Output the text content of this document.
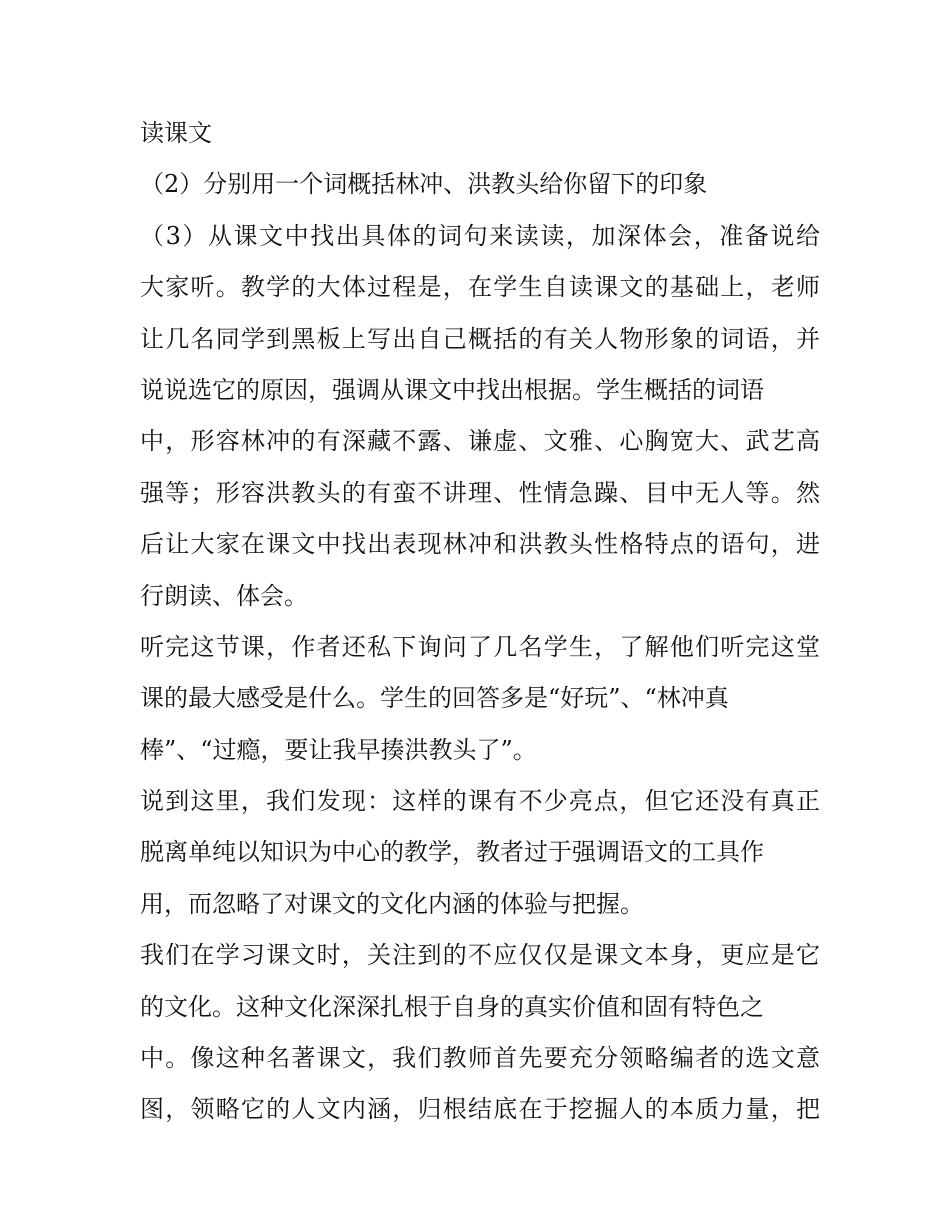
读课文
（2）分别用一个词概括林冲、洪教头给你留下的印象
（3）从课文中找出具体的词句来读读，加深体会，准备说给
大家听。教学的大体过程是，在学生自读课文的基础上，老师
让几名同学到黑板上写出自己概括的有关人物形象的词语，并
说说选它的原因，强调从课文中找出根据。学生概括的词语
中，形容林冲的有深藏不露、谦虚、文雅、心胸宽大、武艺高
强等；形容洪教头的有蛮不讲理、性情急躁、目中无人等。然
后让大家在课文中找出表现林冲和洪教头性格特点的语句，进
行朗读、体会。
听完这节课，作者还私下询问了几名学生，了解他们听完这堂
课的最大感受是什么。学生的回答多是“好玩”、“林冲真
棒”、“过瘾，要让我早揍洪教头了”。
说到这里，我们发现：这样的课有不少亮点，但它还没有真正
脱离单纯以知识为中心的教学，教者过于强调语文的工具作
用，而忽略了对课文的文化内涵的体验与把握。
我们在学习课文时，关注到的不应仅仅是课文本身，更应是它
的文化。这种文化深深扎根于自身的真实价值和固有特色之
中。像这种名著课文，我们教师首先要充分领略编者的选文意
图，领略它的人文内涵，归根结底在于挖掘人的本质力量，把
